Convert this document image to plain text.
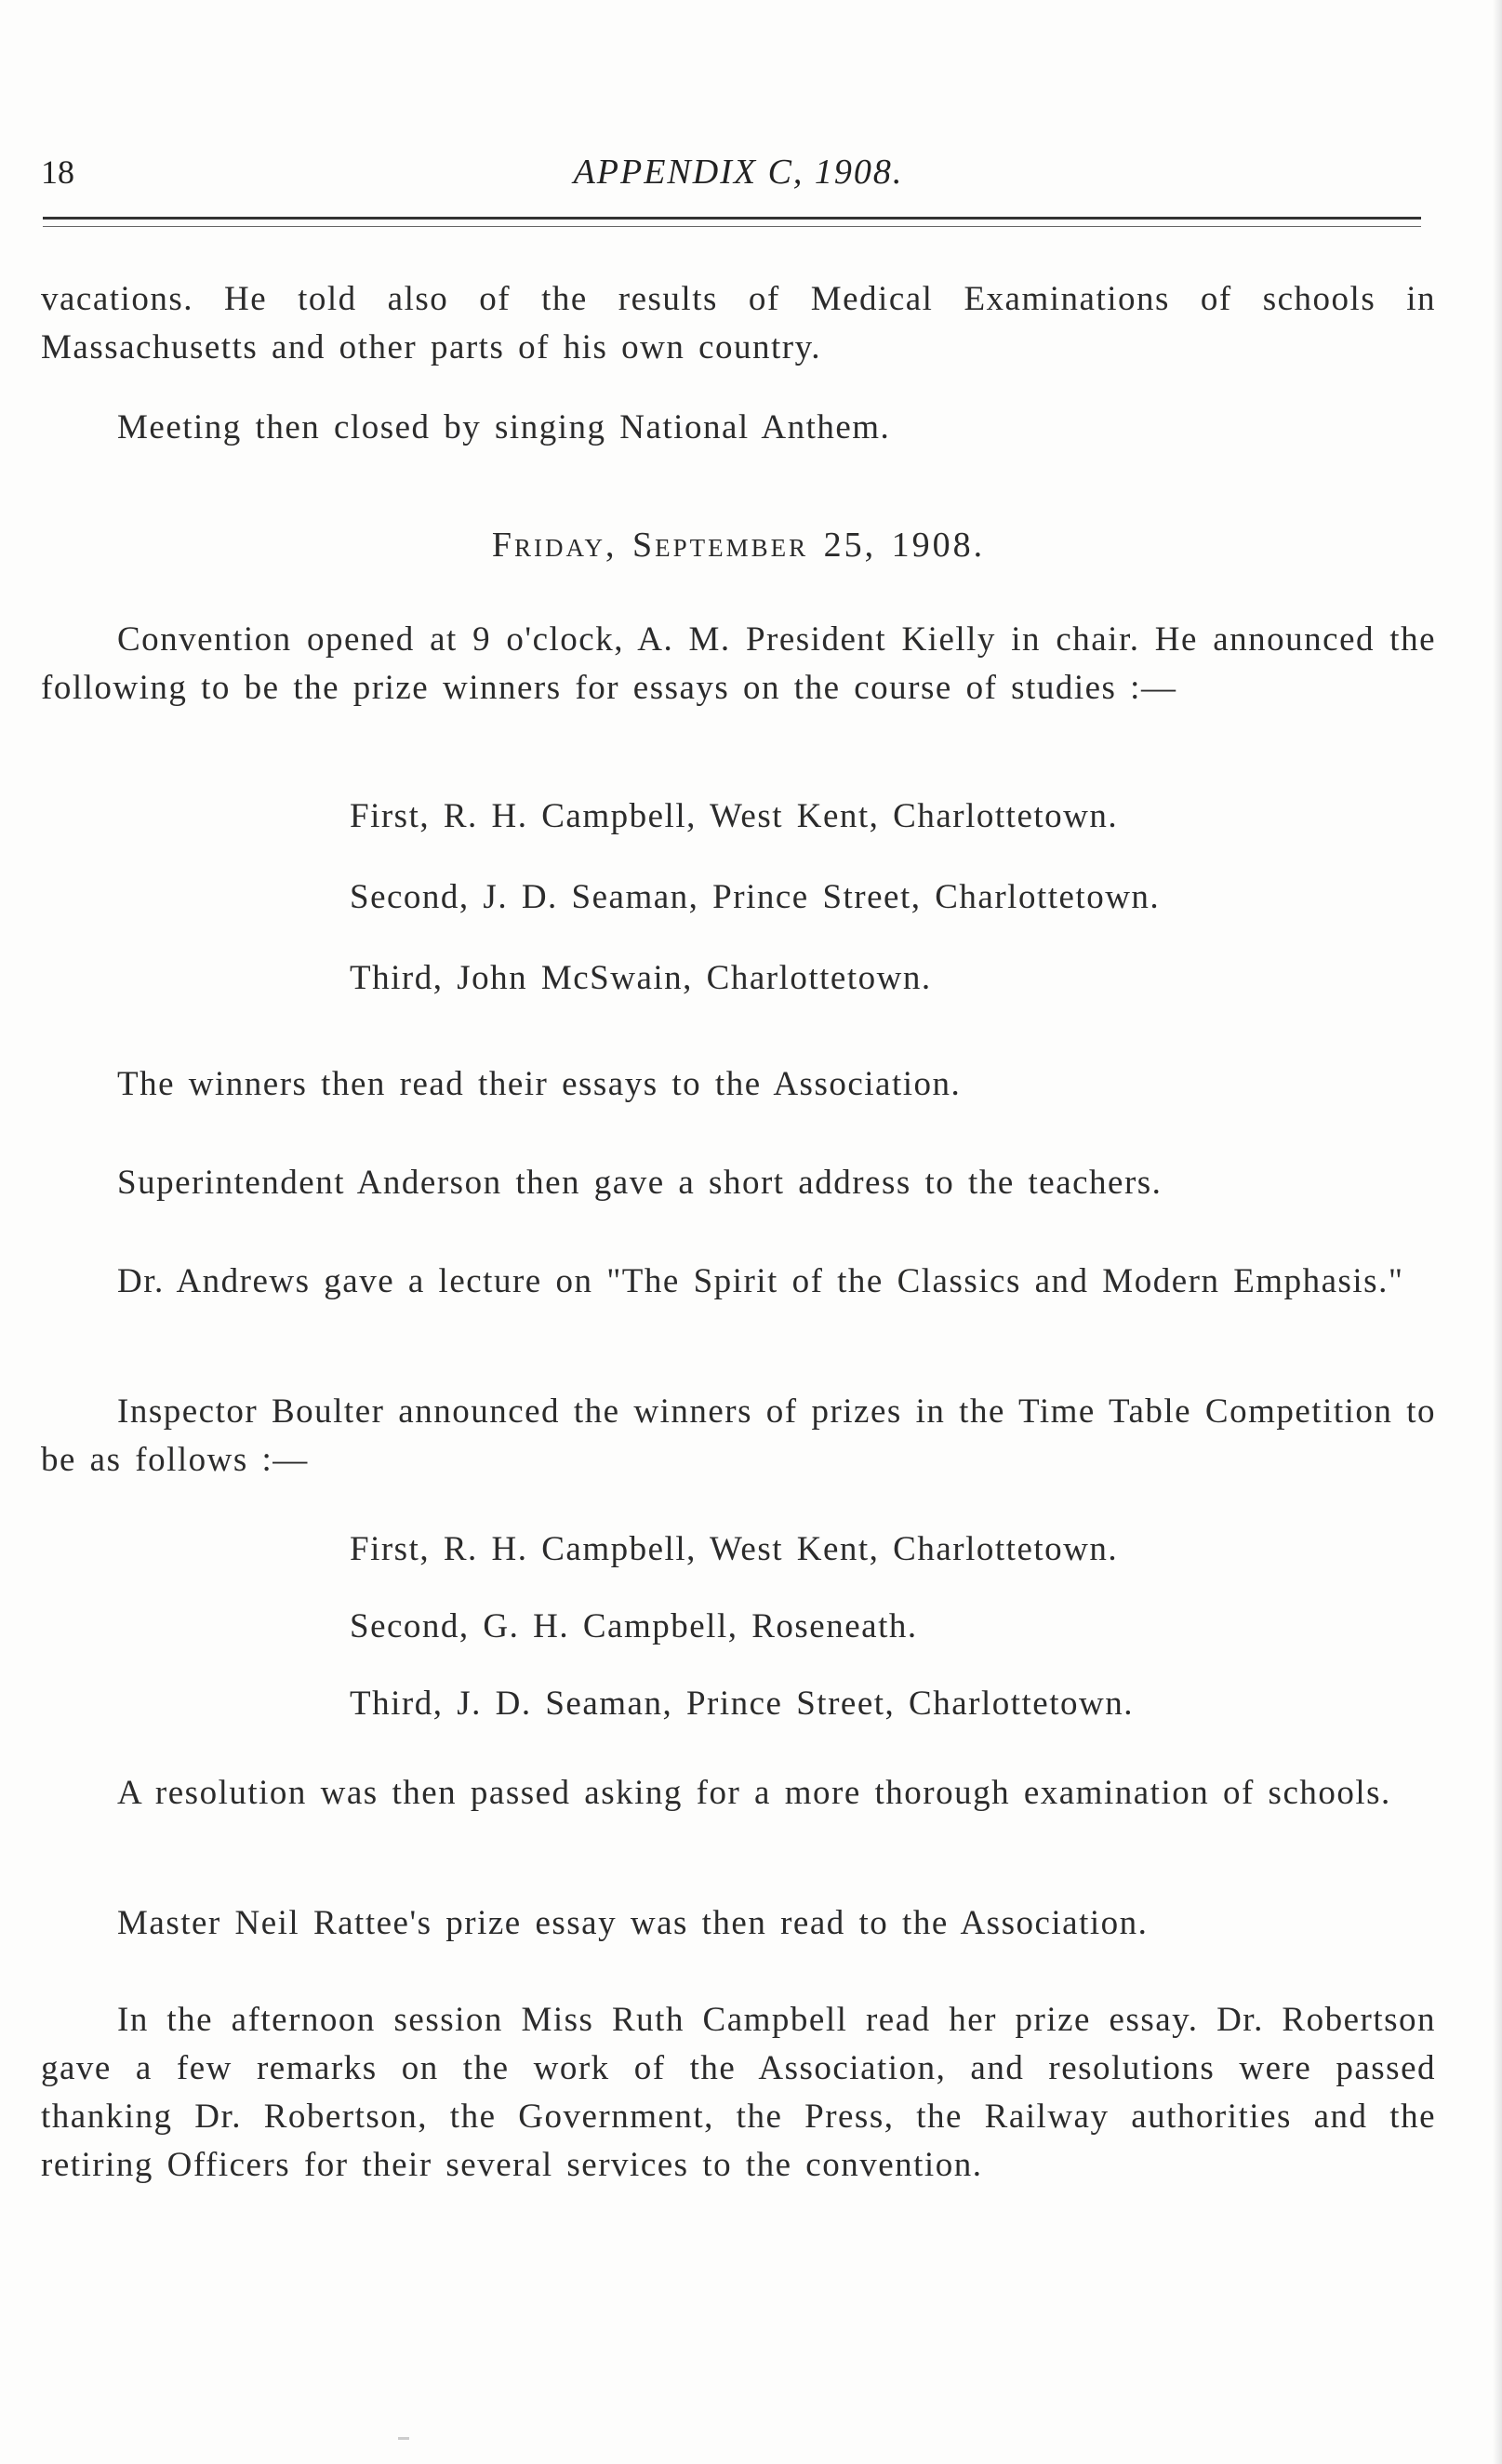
18	APPENDIX C, 1908.

vacations. He told also of the results of Medical Examinations of schools in Massachusetts and other parts of his own country.

Meeting then closed by singing National Anthem.

Friday, September 25, 1908.

Convention opened at 9 o'clock, A. M. President Kielly in chair. He announced the following to be the prize winners for essays on the course of studies :—

First, R. H. Campbell, West Kent, Charlottetown.

Second, J. D. Seaman, Prince Street, Charlottetown.

Third, John McSwain, Charlottetown.

The winners then read their essays to the Association.

Superintendent Anderson then gave a short address to the teachers.

Dr. Andrews gave a lecture on "The Spirit of the Classics and Modern Emphasis."

Inspector Boulter announced the winners of prizes in the Time Table Competition to be as follows :—

First, R. H. Campbell, West Kent, Charlottetown.

Second, G. H. Campbell, Roseneath.

Third, J. D. Seaman, Prince Street, Charlottetown.

A resolution was then passed asking for a more thorough examination of schools.

Master Neil Rattee's prize essay was then read to the Association.

In the afternoon session Miss Ruth Campbell read her prize essay. Dr. Robertson gave a few remarks on the work of the Association, and resolutions were passed thanking Dr. Robertson, the Government, the Press, the Railway authorities and the retiring Officers for their several services to the convention.
